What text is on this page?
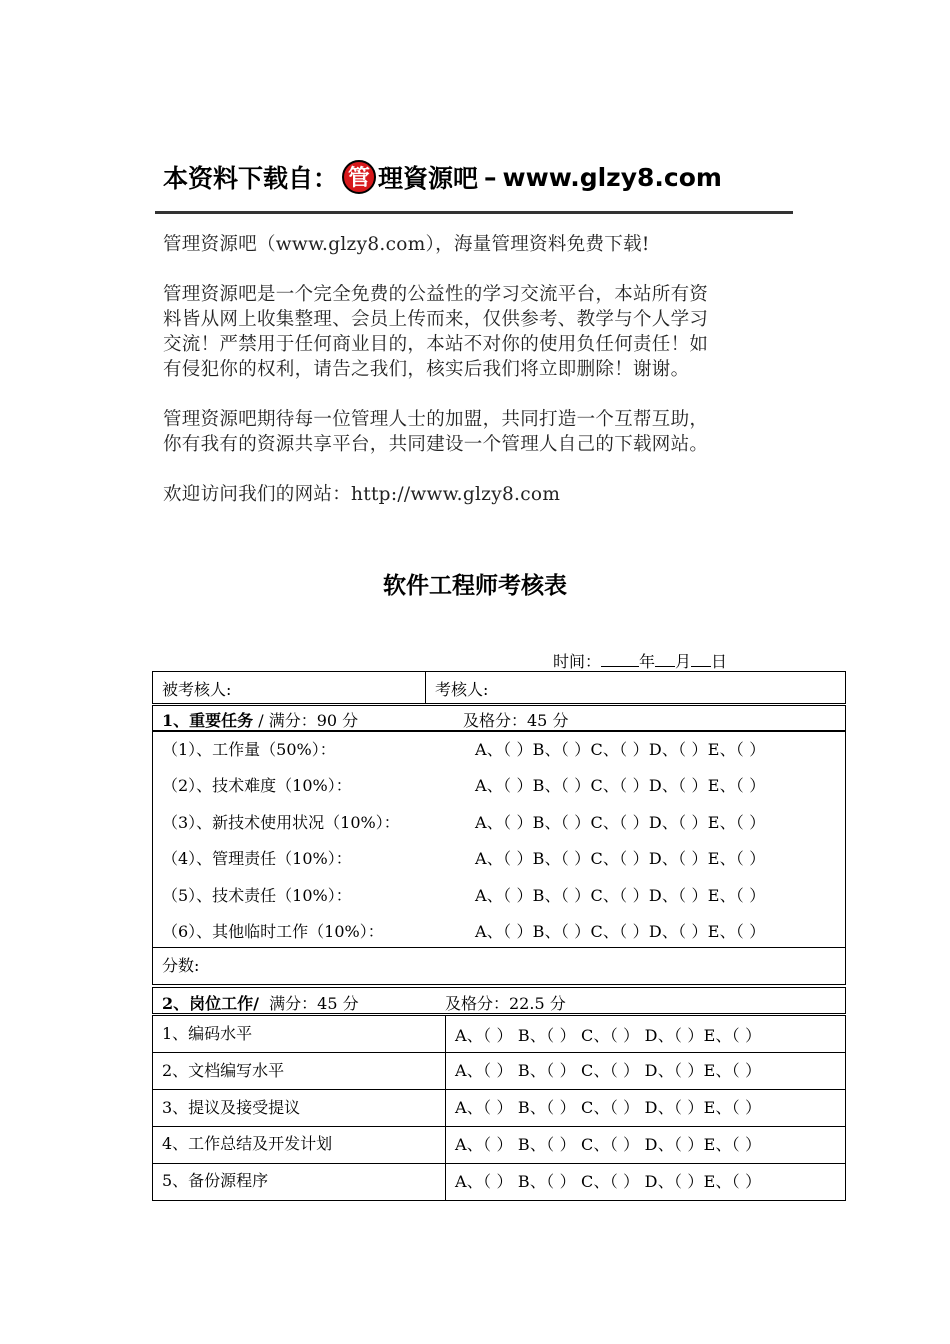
本资料下载自： 管 理資源吧 – www.glzy8.com
管理资源吧（www.glzy8.com），海量管理资料免费下载!
管理资源吧是一个完全免费的公益性的学习交流平台，本站所有资
料皆从网上收集整理、会员上传而来，仅供参考、教学与个人学习
交流！严禁用于任何商业目的，本站不对你的使用负任何责任！如
有侵犯你的权利，请告之我们，核实后我们将立即删除！谢谢。
管理资源吧期待每一位管理人士的加盟，共同打造一个互帮互助，
你有我有的资源共享平台，共同建设一个管理人自己的下载网站。
欢迎访问我们的网站：http://www.glzy8.com
软件工程师考核表
时间： 年 月 日
被考核人:	考核人:
1、重要任务 / 满分：90 分	及格分：45 分
（1）、工作量（50%）：	A、（ ）B、（ ）C、（ ）D、（ ）E、（ ）
（2）、技术难度（10%）：	A、（ ）B、（ ）C、（ ）D、（ ）E、（ ）
（3）、新技术使用状况（10%）：	A、（ ）B、（ ）C、（ ）D、（ ）E、（ ）
（4）、管理责任（10%）：	A、（ ）B、（ ）C、（ ）D、（ ）E、（ ）
（5）、技术责任（10%）：	A、（ ）B、（ ）C、（ ）D、（ ）E、（ ）
（6）、其他临时工作（10%）：	A、（ ）B、（ ）C、（ ）D、（ ）E、（ ）
分数:
2、岗位工作/ 满分：45 分	及格分：22.5 分
1、编码水平	A、（ ） B、（ ） C、（ ） D、（ ）E、（ ）
2、文档编写水平	A、（ ） B、（ ） C、（ ） D、（ ）E、（ ）
3、提议及接受提议	A、（ ） B、（ ） C、（ ） D、（ ）E、（ ）
4、工作总结及开发计划	A、（ ） B、（ ） C、（ ） D、（ ）E、（ ）
5、备份源程序	A、（ ） B、（ ） C、（ ） D、（ ）E、（ ）
